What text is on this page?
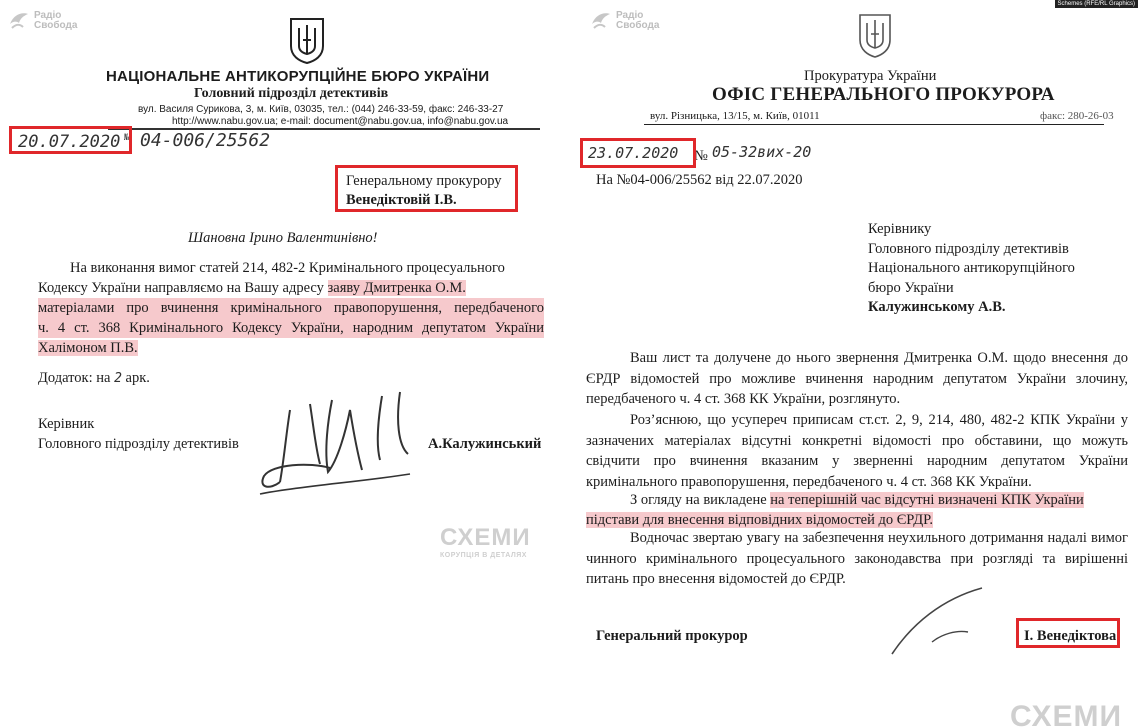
Радіо
Свобода
НАЦІОНАЛЬНЕ АНТИКОРУПЦІЙНЕ БЮРО УКРАЇНИ
Головний підрозділ детективів
вул. Василя Сурикова, 3, м. Київ, 03035, тел.: (044) 246-33-59, факс: 246-33-27
http://www.nabu.gov.ua; e-mail: document@nabu.gov.ua, info@nabu.gov.ua
20.07.2020 № 04-006/25562
Генеральному прокурору
Венедіктовій І.В.
Шановна Ірино Валентинівно!
На виконання вимог статей 214, 482-2 Кримінального процесуального
Кодексу України направляємо на Вашу адресу заяву Дмитренка О.М.
матеріалами про вчинення кримінального правопорушення, передбаченого
ч. 4 ст. 368 Кримінального Кодексу України, народним депутатом України
Халімоном П.В.
Додаток: на 2 арк.
Керівник
Головного підрозділу детективів	А.Калужинський
СХЕМИ
КОРУПЦІЯ В ДЕТАЛЯХ
Schemes (RFE/RL Graphics)
Радіо
Свобода
Прокуратура України
ОФІС ГЕНЕРАЛЬНОГО ПРОКУРОРА
вул. Різницька, 13/15, м. Київ, 01011	факс: 280-26-03
23.07.2020 № 05-32вих-20
На №04-006/25562 від 22.07.2020
Керівнику
Головного підрозділу детективів
Національного антикорупційного
бюро України
Калужинському А.В.
Ваш лист та долучене до нього звернення Дмитренка О.М. щодо внесення до ЄРДР відомостей про можливе вчинення народним депутатом України злочину, передбаченого ч. 4 ст. 368 КК України, розглянуто.
Роз’яснюю, що усупереч приписам ст.ст. 2, 9, 214, 480, 482-2 КПК України у зазначених матеріалах відсутні конкретні відомості про обставини, що можуть свідчити про вчинення вказаним у зверненні народним депутатом України кримінального правопорушення, передбаченого ч. 4 ст. 368 КК України.
З огляду на викладене на теперішній час відсутні визначені КПК України
підстави для внесення відповідних відомостей до ЄРДР.
Водночас звертаю увагу на забезпечення неухильного дотримання надалі вимог чинного кримінального процесуального законодавства при розгляді та вирішенні питань про внесення відомостей до ЄРДР.
Генеральний прокурор	І. Венедіктова
СХЕМИ
